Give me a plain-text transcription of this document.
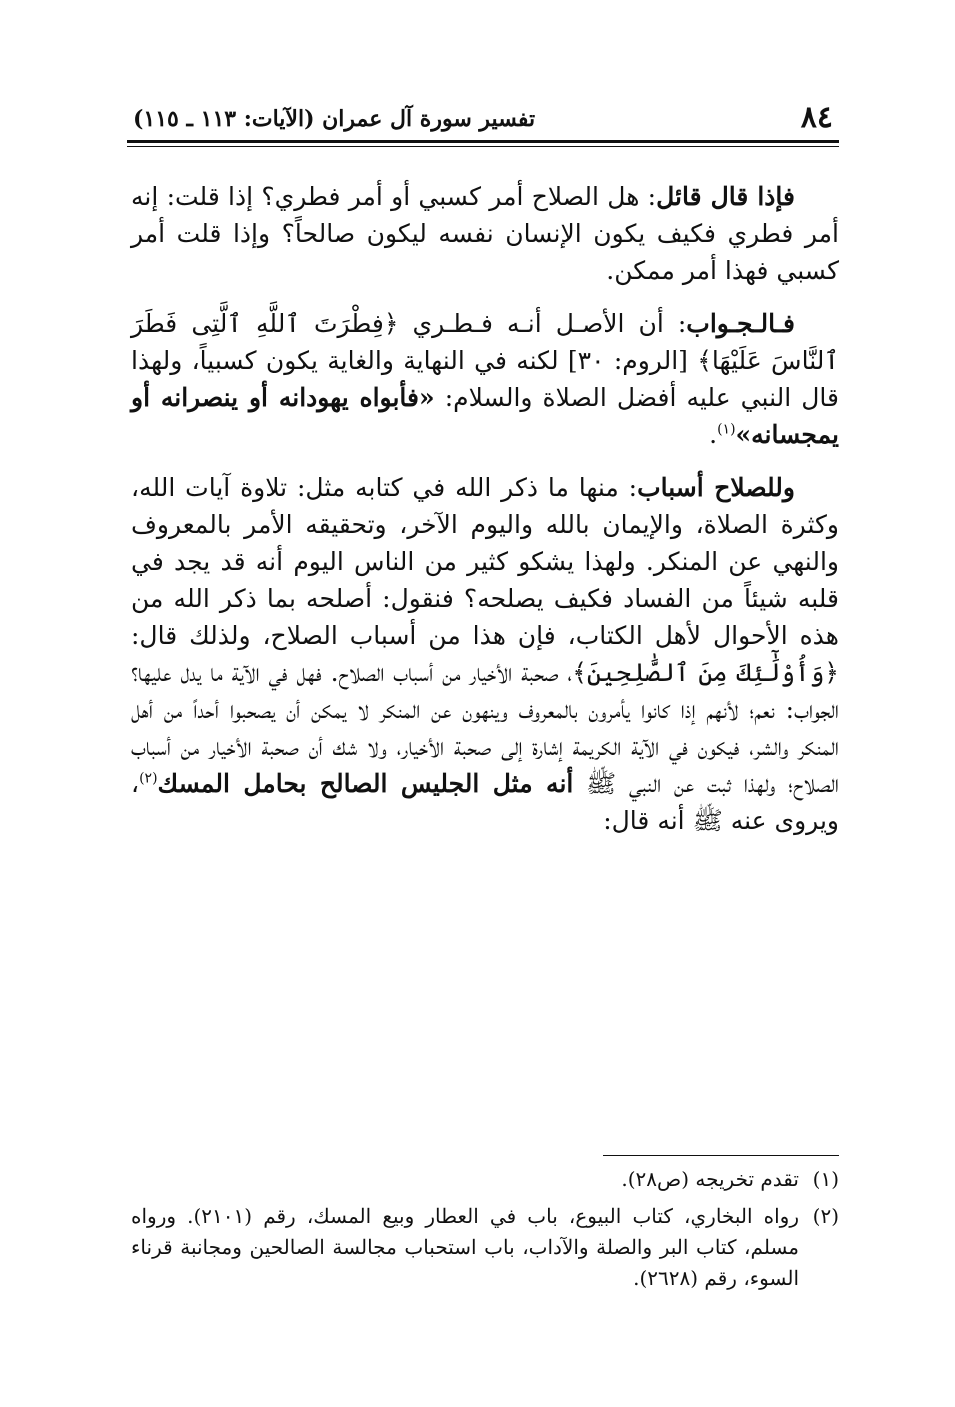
٨٤
تفسير سورة آل عمران (الآيات: ١١٣ ـ ١١٥)

فإذا قال قائل: هل الصلاح أمر كسبي أو أمر فطري؟ إذا قلت: إنه أمر فطري فكيف يكون الإنسان نفسه ليكون صالحاً؟ وإذا قلت أمر كسبي فهذا أمر ممكن.

فـالـجـواب: أن الأصـل أنـه فـطـري ﴿فِطْرَتَ ٱللَّهِ ٱلَّتِى فَطَرَ ٱلنَّاسَ عَلَيْهَا﴾ [الروم: ٣٠] لكنه في النهاية والغاية يكون كسبياً، ولهذا قال النبي عليه أفضل الصلاة والسلام: «فأبواه يهودانه أو ينصرانه أو يمجسانه»$^{(١)}$.

وللصلاح أسباب: منها ما ذكر الله في كتابه مثل: تلاوة آيات الله، وكثرة الصلاة، والإيمان بالله واليوم الآخر، وتحقيقه الأمر بالمعروف والنهي عن المنكر. ولهذا يشكو كثير من الناس اليوم أنه قد يجد في قلبه شيئاً من الفساد فكيف يصلحه؟ فنقول: أصلحه بما ذكر الله من هذه الأحوال لأهل الكتاب، فإن هذا من أسباب الصلاح، ولذلك قال: ﴿وَأُوْلَٰٓئِكَ مِنَ ٱلصَّٰلِحِينَ﴾، صحبة الأخيار من أسباب الصلاح. فهل في الآية ما يدل عليها؟ الجواب: نعم؛ لأنهم إذا كانوا يأمرون بالمعروف وينهون عن المنكر لا يمكن أن يصحبوا أحداً من أهل المنكر والشر، فيكون في الآية الكريمة إشارة إلى صحبة الأخيار، ولا شك أن صحبة الأخيار من أسباب الصلاح؛ ولهذا ثبت عن النبي ﷺ أنه مثل الجليس الصالح بحامل المسك$^{(٢)}$، ويروى عنه ﷺ أنه قال:

(١)
تقدم تخريجه (ص٢٨).
(٢)
رواه البخاري، كتاب البيوع، باب في العطار وبيع المسك، رقم (٢١٠١). ورواه مسلم، كتاب البر والصلة والآداب، باب استحباب مجالسة الصالحين ومجانبة قرناء السوء، رقم (٢٦٢٨).
